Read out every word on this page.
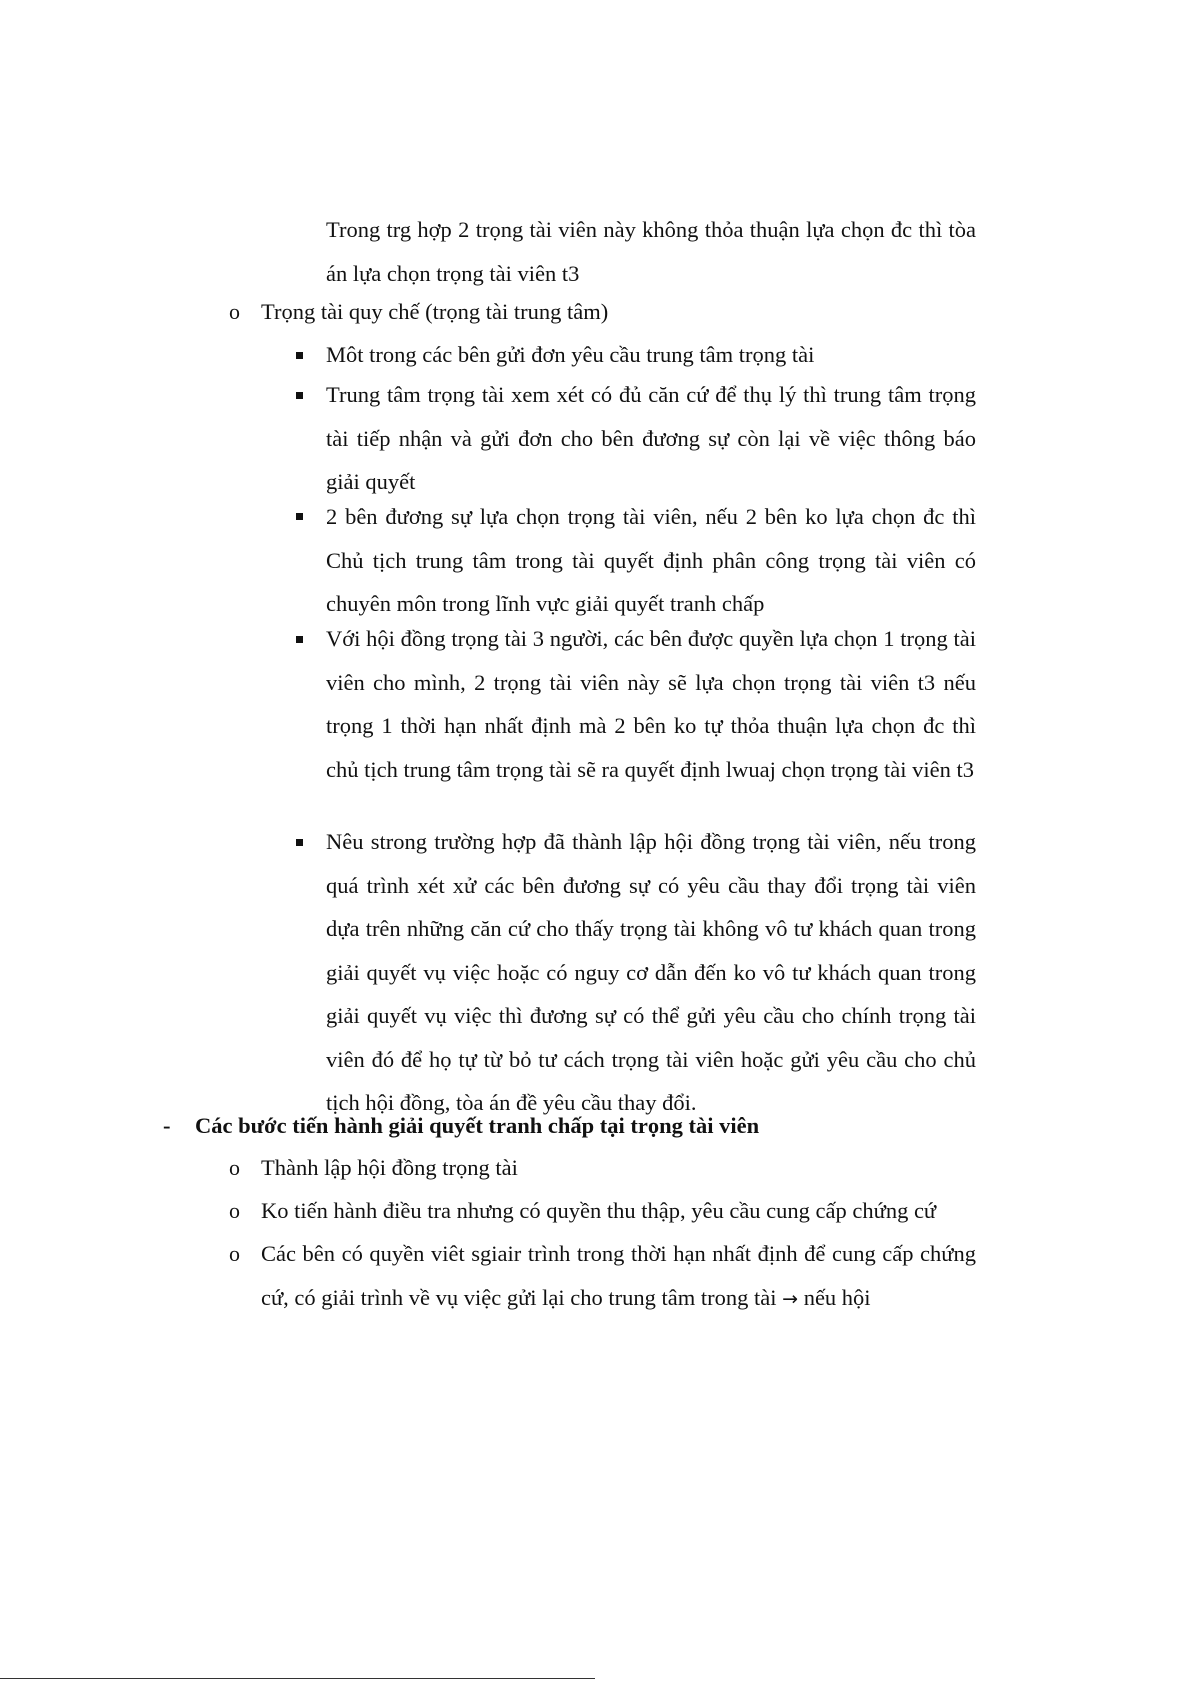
Trong trg hợp 2 trọng tài viên này không thỏa thuận lựa chọn đc thì tòa án lựa chọn trọng tài viên t3
o Trọng tài quy chế (trọng tài trung tâm)
Môt trong các bên gửi đơn yêu cầu trung tâm trọng tài
Trung tâm trọng tài xem xét có đủ căn cứ để thụ lý thì trung tâm trọng tài tiếp nhận và gửi đơn cho bên đương sự còn lại về việc thông báo giải quyết
2 bên đương sự lựa chọn trọng tài viên, nếu 2 bên ko lựa chọn đc thì Chủ tịch trung tâm trong tài quyết định phân công trọng tài viên có chuyên môn trong lĩnh vực giải quyết tranh chấp
Với hội đồng trọng tài 3 người, các bên được quyền lựa chọn 1 trọng tài viên cho mình, 2 trọng tài viên này sẽ lựa chọn trọng tài viên t3 nếu trọng 1 thời hạn nhất định mà 2 bên ko tự thỏa thuận lựa chọn đc thì chủ tịch trung tâm trọng tài sẽ ra quyết định lwuaj chọn trọng tài viên t3
Nêu strong trường hợp đã thành lập hội đồng trọng tài viên, nếu trong quá trình xét xử các bên đương sự có yêu cầu thay đổi trọng tài viên dựa trên những căn cứ cho thấy trọng tài không vô tư khách quan trong giải quyết vụ việc hoặc có nguy cơ dẫn đến ko vô tư khách quan trong giải quyết vụ việc thì đương sự có thể gửi yêu cầu cho chính trọng tài viên đó để họ tự từ bỏ tư cách trọng tài viên hoặc gửi yêu cầu cho chủ tịch hội đồng, tòa án đề yêu cầu thay đổi.
- Các bước tiến hành giải quyết tranh chấp tại trọng tài viên
o Thành lập hội đồng trọng tài
o Ko tiến hành điều tra nhưng có quyền thu thập, yêu cầu cung cấp chứng cứ
o Các bên có quyền viêt sgiair trình trong thời hạn nhất định để cung cấp chứng cứ, có giải trình về vụ việc gửi lại cho trung tâm trong tài → nếu hội
